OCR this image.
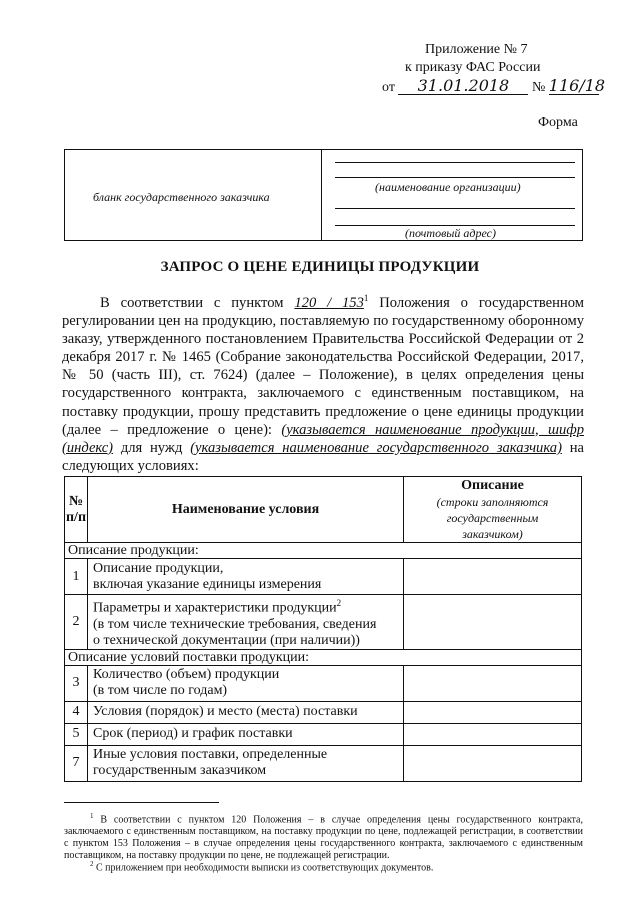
Приложение № 7
к приказу ФАС России
от 31.01.2018 № 116/18
Форма
бланк государственного заказчика
(наименование организации)
(почтовый адрес)
ЗАПРОС О ЦЕНЕ ЕДИНИЦЫ ПРОДУКЦИИ
В соответствии с пунктом $120 / 153^1$ Положения о государственном регулировании цен на продукцию, поставляемую по государственному оборонному заказу, утвержденного постановлением Правительства Российской Федерации от 2 декабря 2017 г. № 1465 (Собрание законодательства Российской Федерации, 2017, № 50 (часть III), ст. 7624) (далее – Положение), в целях определения цены государственного контракта, заключаемого с единственным поставщиком, на поставку продукции, прошу представить предложение о цене единицы продукции (далее – предложение о цене): (указывается наименование продукции, шифр (индекс) для нужд (указывается наименование государственного заказчика) на следующих условиях:
№ п/п	Наименование условия	Описание
(строки заполняются государственным заказчиком)

Описание продукции:		
1	Описание продукции,
включая указание единицы измерения	

2	Параметры и характеристики продукции$^2$
(в том числе технические требования, сведения
о технической документации (при наличии))	

Описание условий поставки продукции:		
3	Количество (объем) продукции
(в том числе по годам)	

4	Условия (порядок) и место (места) поставки	
5	Срок (период) и график поставки	
7	Иные условия поставки, определенные
государственным заказчиком	

$^1$ В соответствии с пунктом 120 Положения – в случае определения цены государственного контракта, заключаемого с единственным поставщиком, на поставку продукции по цене, подлежащей регистрации, в соответствии с пунктом 153 Положения – в случае определения цены государственного контракта, заключаемого с единственным поставщиком, на поставку продукции по цене, не подлежащей регистрации.
$^2$ С приложением при необходимости выписки из соответствующих документов.
